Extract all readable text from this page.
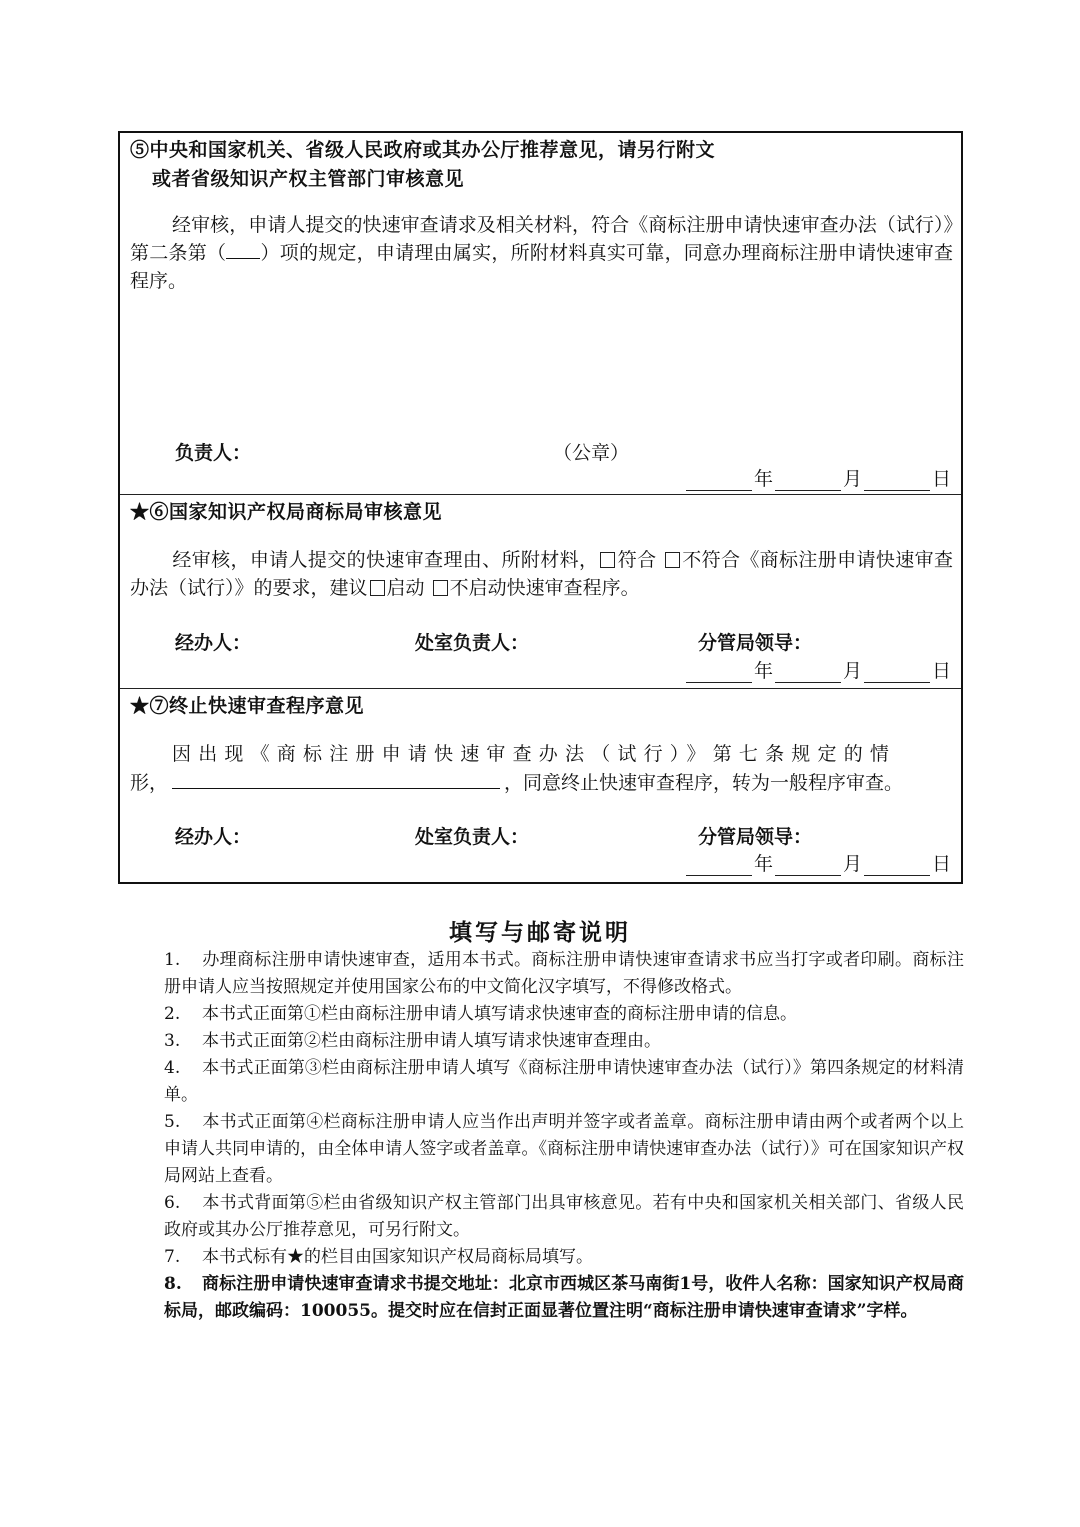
⑤中央和国家机关、省级人民政府或其办公厅推荐意见，请另行附文
或者省级知识产权主管部门审核意见
经审核，申请人提交的快速审查请求及相关材料，符合《商标注册申请快速审查办法（试行）》第二条第（ ）项的规定，申请理由属实，所附材料真实可靠，同意办理商标注册申请快速审查程序。
负责人：	（公章）
年	月	日
★⑥国家知识产权局商标局审核意见
经审核，申请人提交的快速审查理由、所附材料， 符合 不符合《商标注册申请快速审查办法（试行）》的要求，建议 启动 不启动快速审查程序。
经办人：	处室负责人：	分管局领导：
年	月	日
★⑦终止快速审查程序意见
因出现《商标注册申请快速审查办法（试行）》第七条规定的情
形，	，同意终止快速审查程序，转为一般程序审查。
经办人：	处室负责人：	分管局领导：
年	月	日
填写与邮寄说明
1. 办理商标注册申请快速审查，适用本书式。商标注册申请快速审查请求书应当打字或者印刷。商标注册申请人应当按照规定并使用国家公布的中文简化汉字填写，不得修改格式。
2. 本书式正面第①栏由商标注册申请人填写请求快速审查的商标注册申请的信息。
3. 本书式正面第②栏由商标注册申请人填写请求快速审查理由。
4. 本书式正面第③栏由商标注册申请人填写《商标注册申请快速审查办法（试行）》第四条规定的材料清单。
5. 本书式正面第④栏商标注册申请人应当作出声明并签字或者盖章。商标注册申请由两个或者两个以上申请人共同申请的，由全体申请人签字或者盖章。《商标注册申请快速审查办法（试行）》可在国家知识产权局网站上查看。
6. 本书式背面第⑤栏由省级知识产权主管部门出具审核意见。若有中央和国家机关相关部门、省级人民政府或其办公厅推荐意见，可另行附文。
7. 本书式标有★的栏目由国家知识产权局商标局填写。
8. 商标注册申请快速审查请求书提交地址：北京市西城区茶马南街1号，收件人名称：国家知识产权局商标局，邮政编码：100055。提交时应在信封正面显著位置注明“商标注册申请快速审查请求”字样。
